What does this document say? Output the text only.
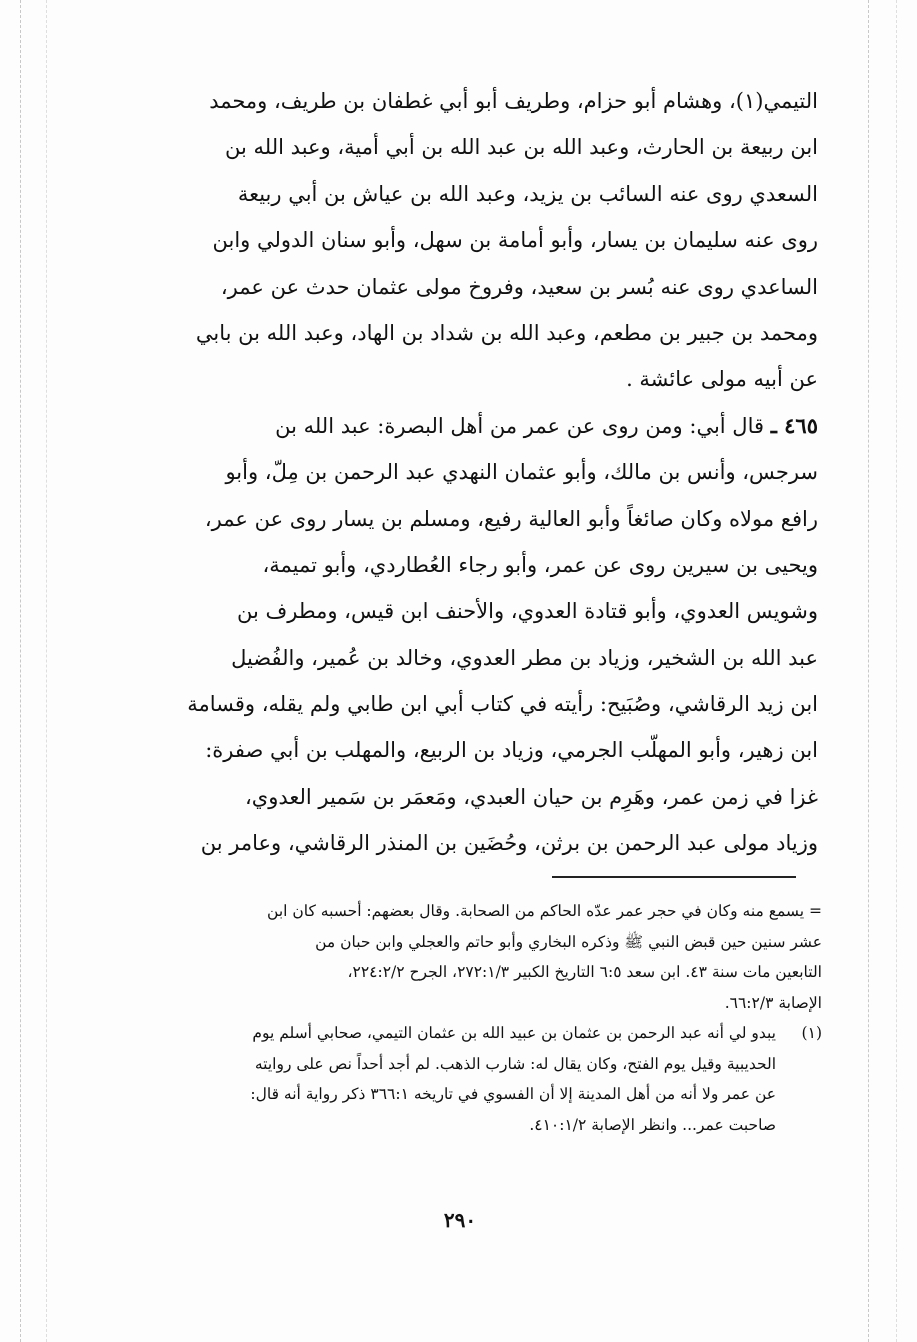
التيمي(١)، وهشام أبو حزام، وطريف أبو أبي غطفان بن طريف، ومحمد
ابن ربيعة بن الحارث، وعبد الله بن عبد الله بن أبي أمية، وعبد الله بن
السعدي روى عنه السائب بن يزيد، وعبد الله بن عياش بن أبي ربيعة
روى عنه سليمان بن يسار، وأبو أمامة بن سهل، وأبو سنان الدولي وابن
الساعدي روى عنه بُسر بن سعيد، وفروخ مولى عثمان حدث عن عمر،
ومحمد بن جبير بن مطعم، وعبد الله بن شداد بن الهاد، وعبد الله بن بابي
عن أبيه مولى عائشة .
٤٦٥ ـ قال أبي: ومن روى عن عمر من أهل البصرة: عبد الله بن
سرجس، وأنس بن مالك، وأبو عثمان النهدي عبد الرحمن بن مِلّ، وأبو
رافع مولاه وكان صائغاً وأبو العالية رفيع، ومسلم بن يسار روى عن عمر،
ويحيى بن سيرين روى عن عمر، وأبو رجاء العُطاردي، وأبو تميمة،
وشويس العدوي، وأبو قتادة العدوي، والأحنف ابن قيس، ومطرف بن
عبد الله بن الشخير، وزياد بن مطر العدوي، وخالد بن عُمير، والفُضيل
ابن زيد الرقاشي، وصُبَيح: رأيته في كتاب أبي ابن طابي ولم يقله، وقسامة
ابن زهير، وأبو المهلّب الجرمي، وزياد بن الربيع، والمهلب بن أبي صفرة:
غزا في زمن عمر، وهَرِم بن حيان العبدي، ومَعمَر بن سَمير العدوي،
وزياد مولى عبد الرحمن بن برثن، وحُضَين بن المنذر الرقاشي، وعامر بن
= يسمع منه وكان في حجر عمر عدّه الحاكم من الصحابة. وقال بعضهم: أحسبه كان ابن
عشر سنين حين قبض النبي ﷺ وذكره البخاري وأبو حاتم والعجلي وابن حبان من
التابعين مات سنة ٤٣. ابن سعد ٦:٥ التاريخ الكبير ٢٧٢:١/٣، الجرح ٢٢٤:٢/٢،
الإصابة ٦٦:٢/٣.
(١)يبدو لي أنه عبد الرحمن بن عثمان بن عبيد الله بن عثمان التيمي، صحابي أسلم يوم
الحديبية وقيل يوم الفتح، وكان يقال له: شارب الذهب. لم أجد أحداً نص على روايته
عن عمر ولا أنه من أهل المدينة إلا أن الفسوي في تاريخه ٣٦٦:١ ذكر رواية أنه قال:
صاحبت عمر... وانظر الإصابة ٤١٠:١/٢.
٢٩٠
